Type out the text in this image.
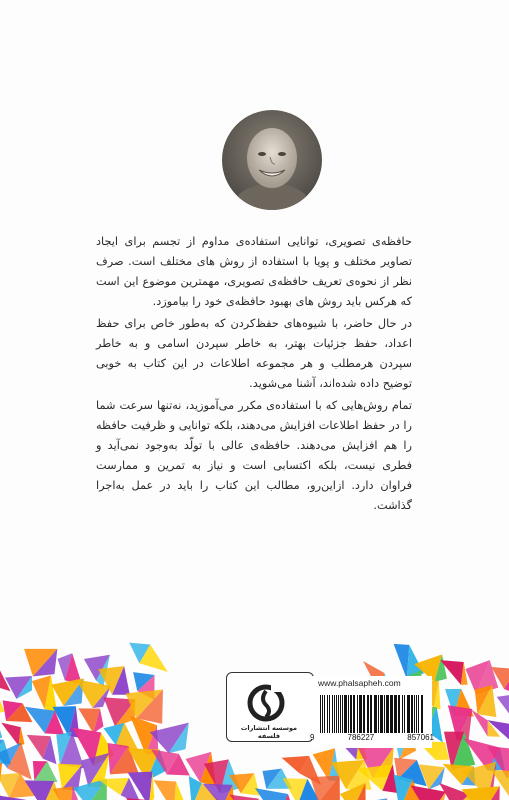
حافظه‌ی تصویری، توانایی استفاده‌ی مداوم از تجسم برای ایجاد تصاویر مختلف و پویا با استفاده از روش های مختلف است. صرف نظر از نحوه‌ی تعریف حافظه‌ی تصویری، مهمترین موضوع این است که هرکس باید روش های بهبود حافظه‌ی خود را بیاموزد.

در حال حاضر، با شیوه‌های حفظ‌کردن که به‌طور خاص برای حفظ اعداد، حفظ جزئیات بهتر، به خاطر سپردن اسامی و به خاطر سپردن هرمطلب و هر مجموعه اطلاعات در این کتاب به خوبی توضیح داده شده‌اند، آشنا می‌شوید.

تمام روش‌هایی که با استفاده‌ی مکرر می‌آموزید، نه‌تنها سرعت شما را در حفظ اطلاعات افزایش می‌دهند، بلکه توانایی و ظرفیت حافظه را هم افزایش می‌دهند. حافظه‌ی عالی با تولّد به‌وجود نمی‌آید و فطری نیست، بلکه اکتسابی است و نیاز به تمرین و ممارست فراوان دارد. ازاین‌رو، مطالب این کتاب را باید در عمل به‌اجرا گذاشت.

موسسه انتشارات فلسفه
www.phalsapheh.com
9	786227	857061
